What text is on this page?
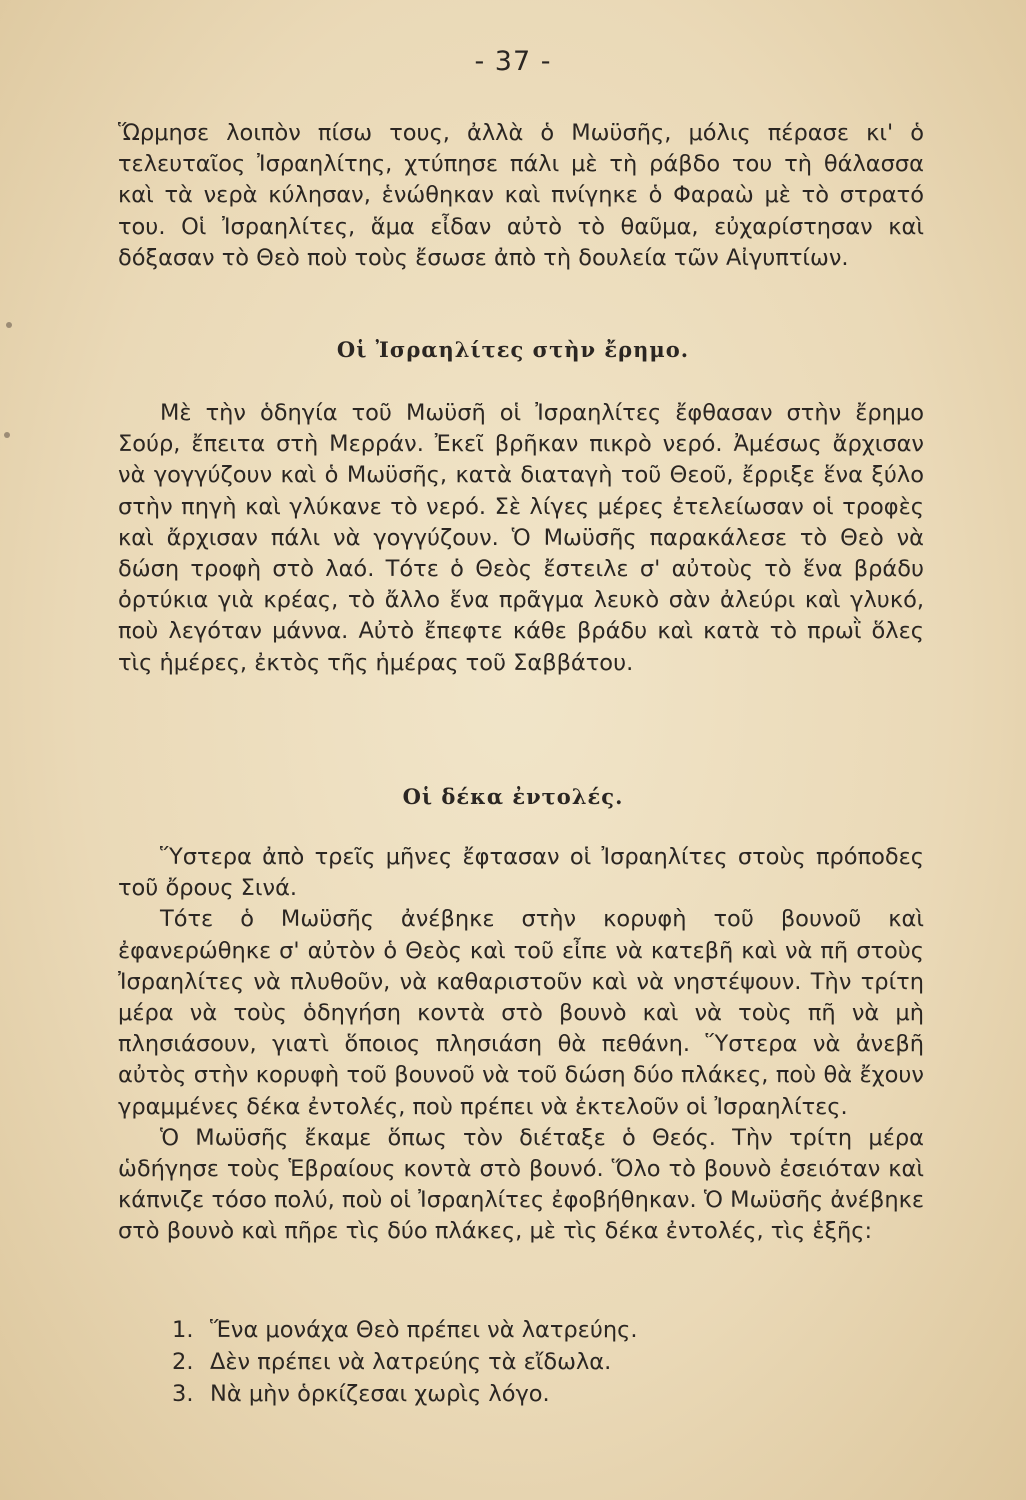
- 37 -

Ὥρμησε λοιπὸν πίσω τους, ἀλλὰ ὁ Μωϋσῆς, μόλις πέρασε κι' ὁ τελευταῖος Ἰσραηλίτης, χτύπησε πάλι μὲ τὴ ράβδο του τὴ θάλασσα καὶ τὰ νερὰ κύλησαν, ἑνώθηκαν καὶ πνίγηκε ὁ Φαραὼ μὲ τὸ στρατό του. Οἱ Ἰσραηλίτες, ἅμα εἶδαν αὐτὸ τὸ θαῦμα, εὐχαρίστησαν καὶ δόξασαν τὸ Θεὸ ποὺ τοὺς ἔσωσε ἀπὸ τὴ δουλεία τῶν Αἰγυπτίων.

Οἱ Ἰσραηλίτες στὴν ἔρημο.

Μὲ τὴν ὁδηγία τοῦ Μωϋσῆ οἱ Ἰσραηλίτες ἔφθασαν στὴν ἔρημο Σούρ, ἔπειτα στὴ Μερράν. Ἐκεῖ βρῆκαν πικρὸ νερό. Ἀμέσως ἄρχισαν νὰ γογγύζουν καὶ ὁ Μωϋσῆς, κατὰ διαταγὴ τοῦ Θεοῦ, ἔρριξε ἕνα ξύλο στὴν πηγὴ καὶ γλύκανε τὸ νερό. Σὲ λίγες μέρες ἐτελείωσαν οἱ τροφὲς καὶ ἄρχισαν πάλι νὰ γογγύζουν. Ὁ Μωϋσῆς παρακάλεσε τὸ Θεὸ νὰ δώση τροφὴ στὸ λαό. Τότε ὁ Θεὸς ἔστειλε σ' αὐτοὺς τὸ ἕνα βράδυ ὀρτύκια γιὰ κρέας, τὸ ἄλλο ἕνα πρᾶγμα λευκὸ σὰν ἀλεύρι καὶ γλυκό, ποὺ λεγόταν μάννα. Αὐτὸ ἔπεφτε κάθε βράδυ καὶ κατὰ τὸ πρωῒ ὅλες τὶς ἡμέρες, ἐκτὸς τῆς ἡμέρας τοῦ Σαββάτου.

Οἱ δέκα ἐντολές.

Ὕστερα ἀπὸ τρεῖς μῆνες ἔφτασαν οἱ Ἰσραηλίτες στοὺς πρόποδες τοῦ ὄρους Σινά.

Τότε ὁ Μωϋσῆς ἀνέβηκε στὴν κορυφὴ τοῦ βουνοῦ καὶ ἐφανερώθηκε σ' αὐτὸν ὁ Θεὸς καὶ τοῦ εἶπε νὰ κατεβῆ καὶ νὰ πῆ στοὺς Ἰσραηλίτες νὰ πλυθοῦν, νὰ καθαριστοῦν καὶ νὰ νηστέψουν. Τὴν τρίτη μέρα νὰ τοὺς ὁδηγήση κοντὰ στὸ βουνὸ καὶ νὰ τοὺς πῆ νὰ μὴ πλησιάσουν, γιατὶ ὅποιος πλησιάση θὰ πεθάνη. Ὕστερα νὰ ἀνεβῆ αὐτὸς στὴν κορυφὴ τοῦ βουνοῦ νὰ τοῦ δώση δύο πλάκες, ποὺ θὰ ἔχουν γραμμένες δέκα ἐντολές, ποὺ πρέπει νὰ ἐκτελοῦν οἱ Ἰσραηλίτες.

Ὁ Μωϋσῆς ἔκαμε ὅπως τὸν διέταξε ὁ Θεός. Τὴν τρίτη μέρα ὡδήγησε τοὺς Ἑβραίους κοντὰ στὸ βουνό. Ὅλο τὸ βουνὸ ἐσειόταν καὶ κάπνιζε τόσο πολύ, ποὺ οἱ Ἰσραηλίτες ἐφοβήθηκαν. Ὁ Μωϋσῆς ἀνέβηκε στὸ βουνὸ καὶ πῆρε τὶς δύο πλάκες, μὲ τὶς δέκα ἐντολές, τὶς ἑξῆς:

1. Ἕνα μονάχα Θεὸ πρέπει νὰ λατρεύης.
2. Δὲν πρέπει νὰ λατρεύης τὰ εἴδωλα.
3. Νὰ μὴν ὁρκίζεσαι χωρὶς λόγο.
